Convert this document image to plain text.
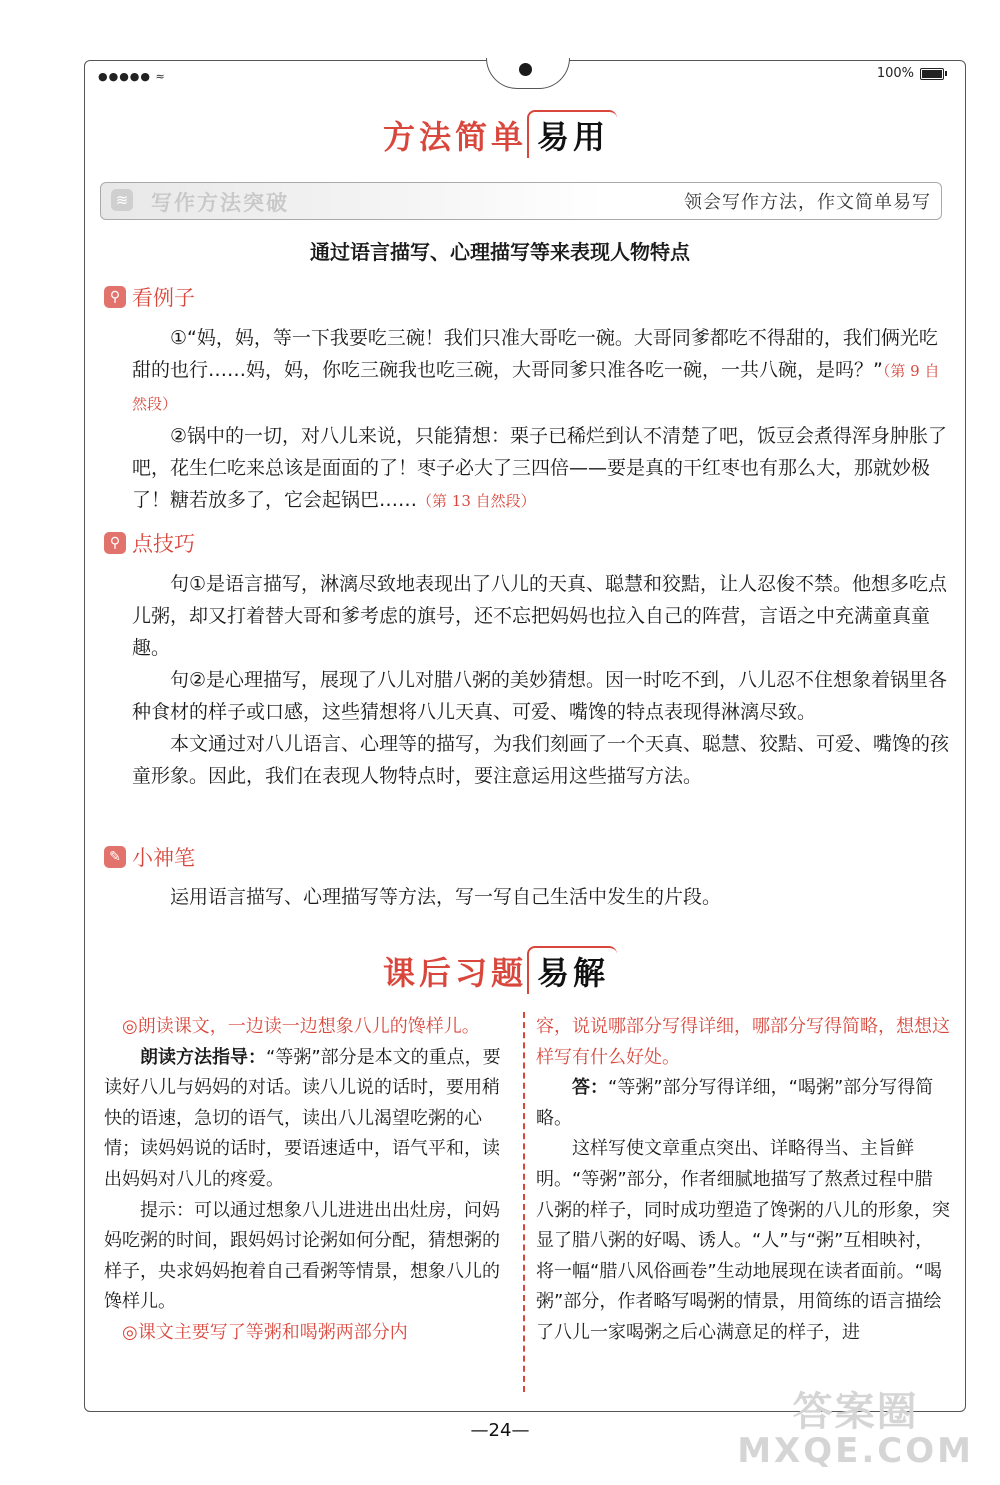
●●●●● ≈	100%
方法简单 易用
≋ 写作方法突破	领会写作方法，作文简单易写
通过语言描写、心理描写等来表现人物特点
⚲ 看例子

①“妈，妈，等一下我要吃三碗！我们只准大哥吃一碗。大哥同爹都吃不得甜的，我们俩光吃甜的也行……妈，妈，你吃三碗我也吃三碗，大哥同爹只准各吃一碗，一共八碗，是吗？”（第 9 自然段）

②锅中的一切，对八儿来说，只能猜想：栗子已稀烂到认不清楚了吧，饭豆会煮得浑身肿胀了吧，花生仁吃来总该是面面的了！枣子必大了三四倍——要是真的干红枣也有那么大，那就妙极了！糖若放多了，它会起锅巴……（第 13 自然段）

⚲ 点技巧

句①是语言描写，淋漓尽致地表现出了八儿的天真、聪慧和狡黠，让人忍俊不禁。他想多吃点儿粥，却又打着替大哥和爹考虑的旗号，还不忘把妈妈也拉入自己的阵营，言语之中充满童真童趣。

句②是心理描写，展现了八儿对腊八粥的美妙猜想。因一时吃不到，八儿忍不住想象着锅里各种食材的样子或口感，这些猜想将八儿天真、可爱、嘴馋的特点表现得淋漓尽致。

本文通过对八儿语言、心理等的描写，为我们刻画了一个天真、聪慧、狡黠、可爱、嘴馋的孩童形象。因此，我们在表现人物特点时，要注意运用这些描写方法。

✎ 小神笔

运用语言描写、心理描写等方法，写一写自己生活中发生的片段。

课后习题 易解

◎朗读课文，一边读一边想象八儿的馋样儿。

朗读方法指导：“等粥”部分是本文的重点，要读好八儿与妈妈的对话。读八儿说的话时，要用稍快的语速，急切的语气，读出八儿渴望吃粥的心情；读妈妈说的话时，要语速适中，语气平和，读出妈妈对八儿的疼爱。

提示：可以通过想象八儿进进出出灶房，问妈妈吃粥的时间，跟妈妈讨论粥如何分配，猜想粥的样子，央求妈妈抱着自己看粥等情景，想象八儿的馋样儿。

◎课文主要写了等粥和喝粥两部分内

容，说说哪部分写得详细，哪部分写得简略，想想这样写有什么好处。

答：“等粥”部分写得详细，“喝粥”部分写得简略。

这样写使文章重点突出、详略得当、主旨鲜明。“等粥”部分，作者细腻地描写了熬煮过程中腊八粥的样子，同时成功塑造了馋粥的八儿的形象，突显了腊八粥的好喝、诱人。“人”与“粥”互相映衬，将一幅“腊八风俗画卷”生动地展现在读者面前。“喝粥”部分，作者略写喝粥的情景，用简练的语言描绘了八儿一家喝粥之后心满意足的样子，进

—24—	答案圈
MXQE.COM
